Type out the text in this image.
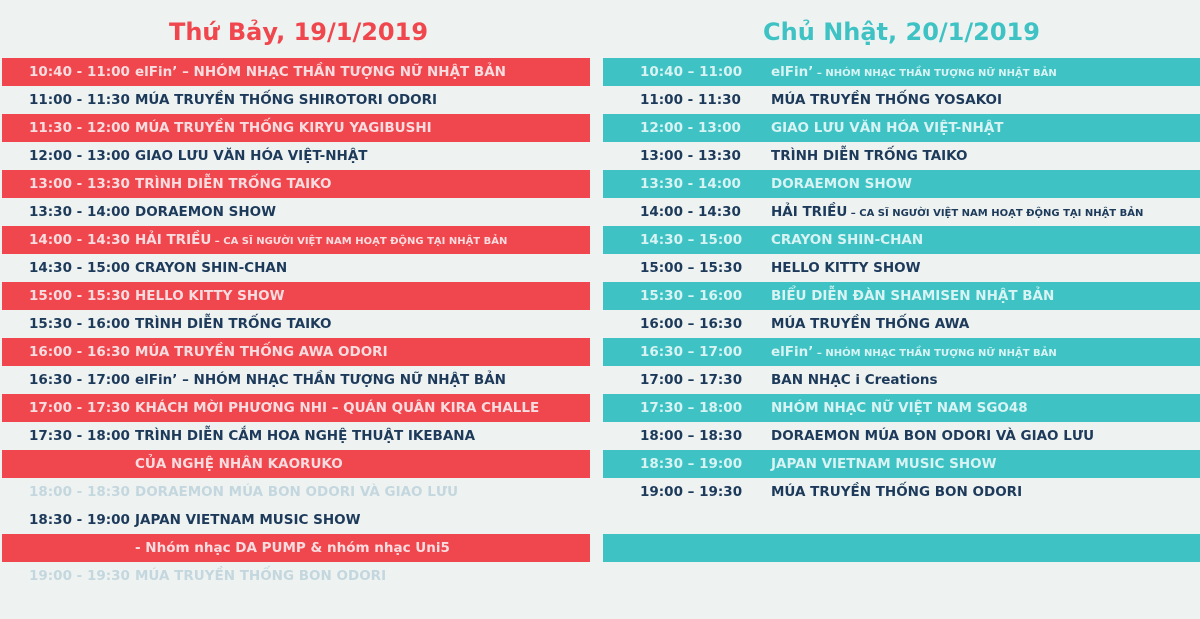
Thứ Bảy, 19/1/2019	Chủ Nhật, 20/1/2019
10:40 - 11:00 elFin’ – NHÓM NHẠC THẦN TƯỢNG NỮ NHẬT BẢN
11:00 - 11:30 MÚA TRUYỀN THỐNG SHIROTORI ODORI
11:30 - 12:00 MÚA TRUYỀN THỐNG KIRYU YAGIBUSHI
12:00 - 13:00 GIAO LƯU VĂN HÓA VIỆT-NHẬT
13:00 - 13:30 TRÌNH DIỄN TRỐNG TAIKO
13:30 - 14:00 DORAEMON SHOW
14:00 - 14:30 HẢI TRIỀU – CA SĨ NGƯỜI VIỆT NAM HOẠT ĐỘNG TẠI NHẬT BẢN
14:30 - 15:00 CRAYON SHIN-CHAN
15:00 - 15:30 HELLO KITTY SHOW
15:30 - 16:00 TRÌNH DIỄN TRỐNG TAIKO
16:00 - 16:30 MÚA TRUYỀN THỐNG AWA ODORI
16:30 - 17:00 elFin’ – NHÓM NHẠC THẦN TƯỢNG NỮ NHẬT BẢN
17:00 - 17:30 KHÁCH MỜI PHƯƠNG NHI – QUÁN QUÂN KIRA CHALLE
17:30 - 18:00 TRÌNH DIỄN CẮM HOA NGHỆ THUẬT IKEBANA
CỦA NGHỆ NHÂN KAORUKO
18:00 - 18:30 DORAEMON MÚA BON ODORI VÀ GIAO LƯU
18:30 - 19:00 JAPAN VIETNAM MUSIC SHOW
- Nhóm nhạc DA PUMP & nhóm nhạc Uni5
19:00 - 19:30 MÚA TRUYỀN THỐNG BON ODORI
10:40 – 11:00 elFin’ – NHÓM NHẠC THẦN TƯỢNG NỮ NHẬT BẢN
11:00 - 11:30 MÚA TRUYỀN THỐNG YOSAKOI
12:00 - 13:00 GIAO LƯU VĂN HÓA VIỆT-NHẬT
13:00 - 13:30 TRÌNH DIỄN TRỐNG TAIKO
13:30 - 14:00 DORAEMON SHOW
14:00 - 14:30 HẢI TRIỀU – CA SĨ NGƯỜI VIỆT NAM HOẠT ĐỘNG TẠI NHẬT BẢN
14:30 – 15:00 CRAYON SHIN-CHAN
15:00 – 15:30 HELLO KITTY SHOW
15:30 – 16:00 BIỂU DIỄN ĐÀN SHAMISEN NHẬT BẢN
16:00 – 16:30 MÚA TRUYỀN THỐNG AWA
16:30 – 17:00 elFin’ – NHÓM NHẠC THẦN TƯỢNG NỮ NHẬT BẢN
17:00 – 17:30 BAN NHẠC i Creations
17:30 – 18:00 NHÓM NHẠC NỮ VIỆT NAM SGO48
18:00 – 18:30 DORAEMON MÚA BON ODORI VÀ GIAO LƯU
18:30 – 19:00 JAPAN VIETNAM MUSIC SHOW
19:00 – 19:30 MÚA TRUYỀN THỐNG BON ODORI
